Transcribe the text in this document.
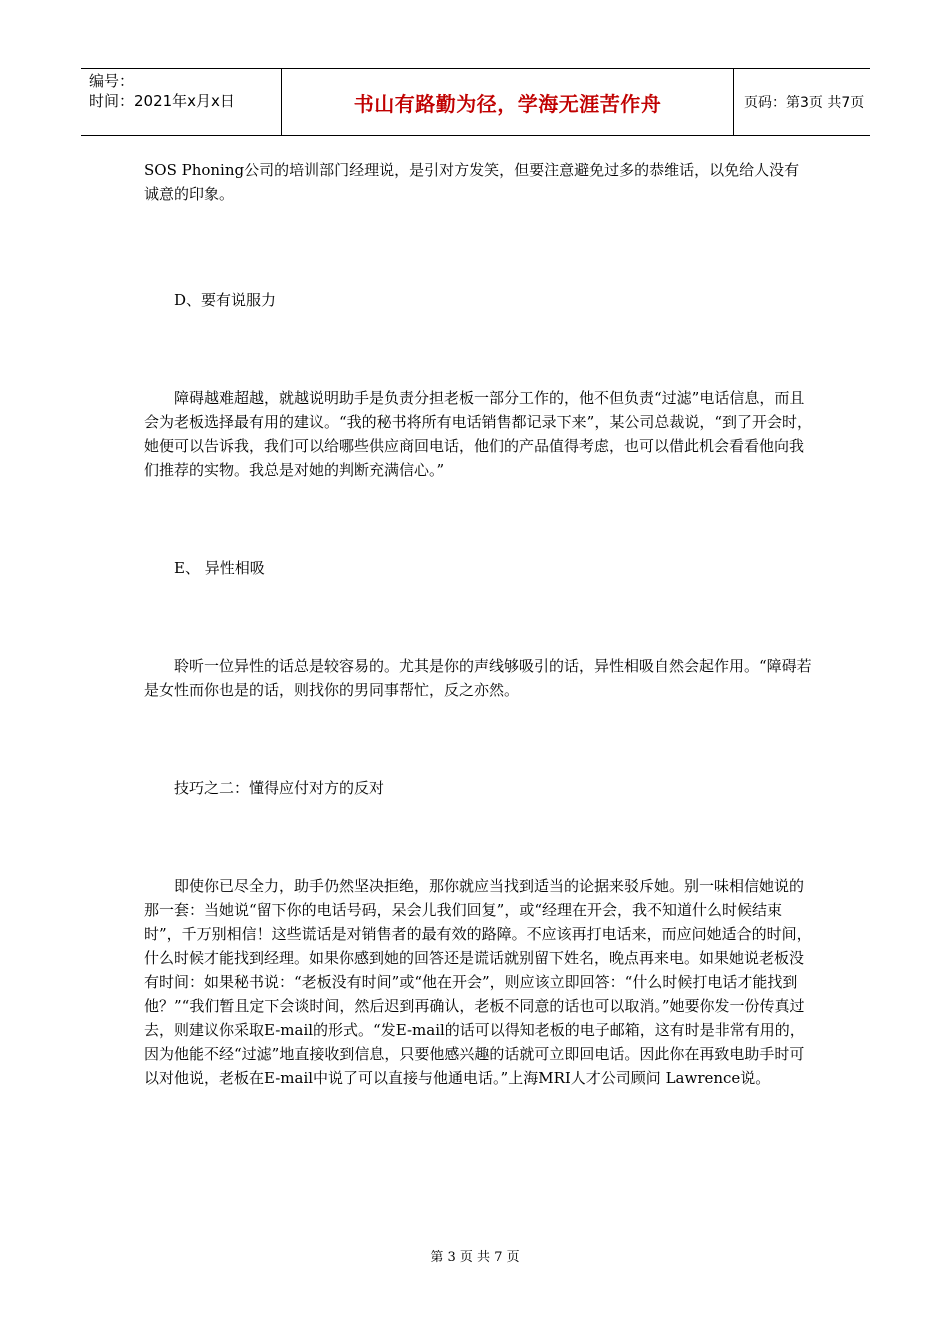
编号：
时间：2021年x月x日	书山有路勤为径，学海无涯苦作舟	页码：第3页 共7页

SOS Phoning公司的培训部门经理说，是引对方发笑，但要注意避免过多的恭维话，以免给人没有诚意的印象。

D、要有说服力

障碍越难超越，就越说明助手是负责分担老板一部分工作的，他不但负责“过滤”电话信息，而且会为老板选择最有用的建议。“我的秘书将所有电话销售都记录下来”，某公司总裁说，“到了开会时，她便可以告诉我，我们可以给哪些供应商回电话，他们的产品值得考虑，也可以借此机会看看他向我们推荐的实物。我总是对她的判断充满信心。”

E、 异性相吸

聆听一位异性的话总是较容易的。尤其是你的声线够吸引的话，异性相吸自然会起作用。“障碍若是女性而你也是的话，则找你的男同事帮忙，反之亦然。

技巧之二：懂得应付对方的反对

即使你已尽全力，助手仍然坚决拒绝，那你就应当找到适当的论据来驳斥她。别一味相信她说的那一套：当她说“留下你的电话号码，呆会儿我们回复”，或“经理在开会，我不知道什么时候结束时”，千万别相信！这些谎话是对销售者的最有效的路障。不应该再打电话来，而应问她适合的时间，什么时候才能找到经理。如果你感到她的回答还是谎话就别留下姓名，晚点再来电。如果她说老板没有时间：如果秘书说：“老板没有时间”或“他在开会”，则应该立即回答：“什么时候打电话才能找到他？”“我们暂且定下会谈时间，然后迟到再确认，老板不同意的话也可以取消。”她要你发一份传真过去，则建议你采取E-mail的形式。“发E-mail的话可以得知老板的电子邮箱，这有时是非常有用的，因为他能不经“过滤”地直接收到信息，只要他感兴趣的话就可立即回电话。因此你在再致电助手时可以对他说，老板在E-mail中说了可以直接与他通电话。”上海MRI人才公司顾问 Lawrence说。

第 3 页 共 7 页
